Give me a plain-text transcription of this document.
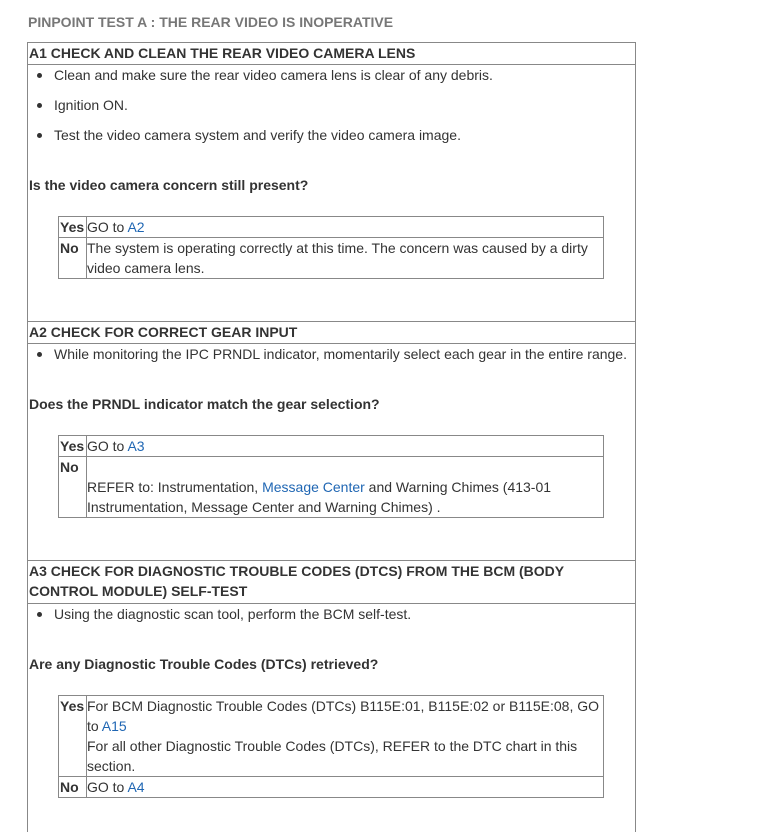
PINPOINT TEST A : THE REAR VIDEO IS INOPERATIVE
A1 CHECK AND CLEAN THE REAR VIDEO CAMERA LENS
Clean and make sure the rear video camera lens is clear of any debris.
Ignition ON.
Test the video camera system and verify the video camera image.
Is the video camera concern still present?
Yes	GO to A2
No	The system is operating correctly at this time. The concern was caused by a dirty video camera lens.
A2 CHECK FOR CORRECT GEAR INPUT
While monitoring the IPC PRNDL indicator, momentarily select each gear in the entire range.
Does the PRNDL indicator match the gear selection?
Yes	GO to A3
No	REFER to: Instrumentation, Message Center and Warning Chimes (413-01 Instrumentation, Message Center and Warning Chimes) .
A3 CHECK FOR DIAGNOSTIC TROUBLE CODES (DTCS) FROM THE BCM (BODY CONTROL MODULE) SELF-TEST
Using the diagnostic scan tool, perform the BCM self-test.
Are any Diagnostic Trouble Codes (DTCs) retrieved?
Yes	For BCM Diagnostic Trouble Codes (DTCs) B115E:01, B115E:02 or B115E:08, GO to A15
For all other Diagnostic Trouble Codes (DTCs), REFER to the DTC chart in this section.
No	GO to A4
